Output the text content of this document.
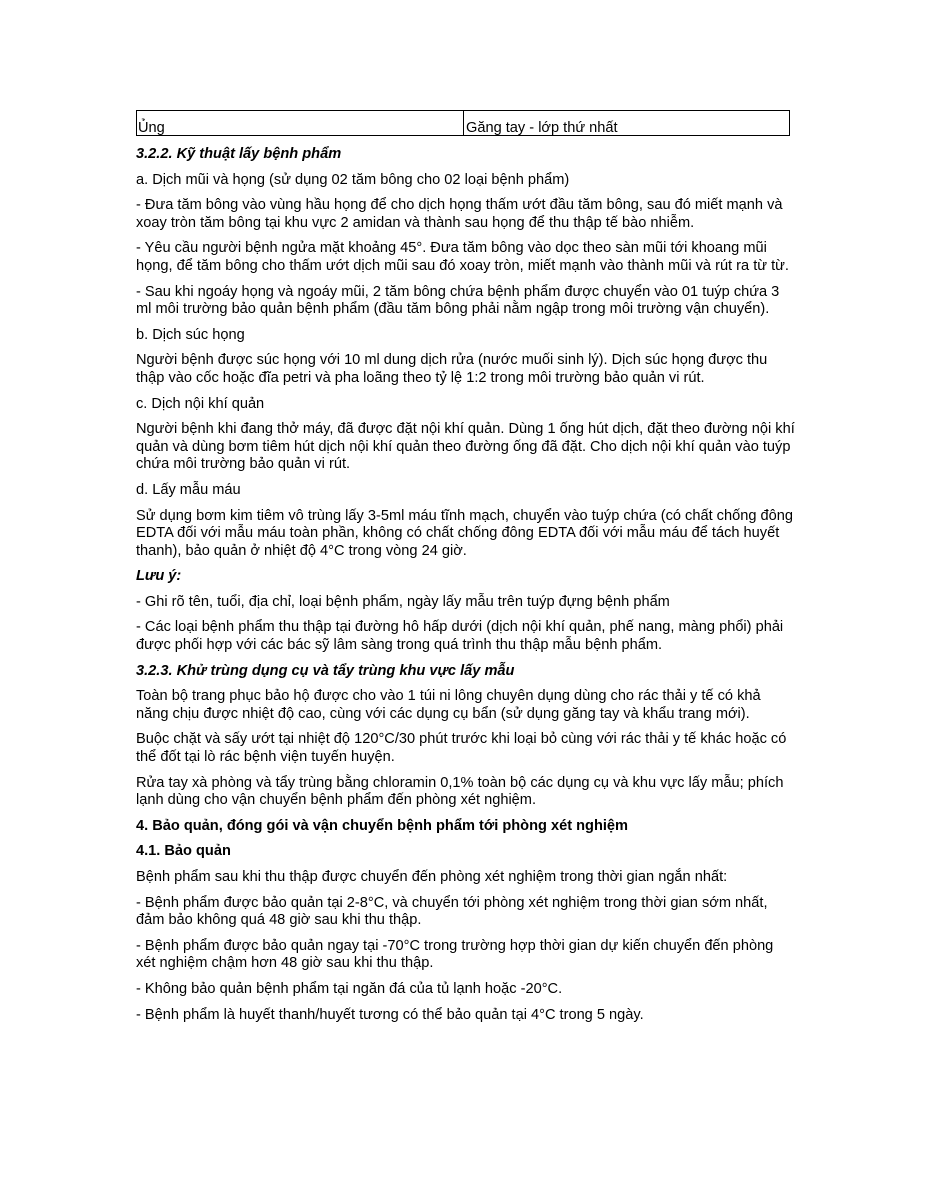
Ủng	Găng tay - lớp thứ nhất

3.2.2. Kỹ thuật lấy bệnh phẩm

a. Dịch mũi và họng (sử dụng 02 tăm bông cho 02 loại bệnh phẩm)

- Đưa tăm bông vào vùng hầu họng để cho dịch họng thấm ướt đầu tăm bông, sau đó miết mạnh và xoay tròn tăm bông tại khu vực 2 amidan và thành sau họng để thu thập tế bào nhiễm.

- Yêu cầu người bệnh ngửa mặt khoảng 45°. Đưa tăm bông vào dọc theo sàn mũi tới khoang mũi họng, để tăm bông cho thấm ướt dịch mũi sau đó xoay tròn, miết mạnh vào thành mũi và rút ra từ từ.

- Sau khi ngoáy họng và ngoáy mũi, 2 tăm bông chứa bệnh phẩm được chuyển vào 01 tuýp chứa 3 ml môi trường bảo quản bệnh phẩm (đầu tăm bông phải nằm ngập trong môi trường vận chuyển).

b. Dịch súc họng

Người bệnh được súc họng với 10 ml dung dịch rửa (nước muối sinh lý). Dịch súc họng được thu thập vào cốc hoặc đĩa petri và pha loãng theo tỷ lệ 1:2 trong môi trường bảo quản vi rút.

c. Dịch nội khí quản

Người bệnh khi đang thở máy, đã được đặt nội khí quản. Dùng 1 ống hút dịch, đặt theo đường nội khí quản và dùng bơm tiêm hút dịch nội khí quản theo đường ống đã đặt. Cho dịch nội khí quản vào tuýp chứa môi trường bảo quản vi rút.

d. Lấy mẫu máu

Sử dụng bơm kim tiêm vô trùng lấy 3-5ml máu tĩnh mạch, chuyển vào tuýp chứa (có chất chống đông EDTA đối với mẫu máu toàn phần, không có chất chống đông EDTA đối với mẫu máu để tách huyết thanh), bảo quản ở nhiệt độ 4°C trong vòng 24 giờ.

Lưu ý:

- Ghi rõ tên, tuổi, địa chỉ, loại bệnh phẩm, ngày lấy mẫu trên tuýp đựng bệnh phẩm

- Các loại bệnh phẩm thu thập tại đường hô hấp dưới (dịch nội khí quản, phế nang, màng phổi) phải được phối hợp với các bác sỹ lâm sàng trong quá trình thu thập mẫu bệnh phẩm.

3.2.3. Khử trùng dụng cụ và tẩy trùng khu vực lấy mẫu

Toàn bộ trang phục bảo hộ được cho vào 1 túi ni lông chuyên dụng dùng cho rác thải y tế có khả năng chịu được nhiệt độ cao, cùng với các dụng cụ bẩn (sử dụng găng tay và khẩu trang mới).

Buộc chặt và sấy ướt tại nhiệt độ 120°C/30 phút trước khi loại bỏ cùng với rác thải y tế khác hoặc có thể đốt tại lò rác bệnh viện tuyến huyện.

Rửa tay xà phòng và tẩy trùng bằng chloramin 0,1% toàn bộ các dụng cụ và khu vực lấy mẫu; phích lạnh dùng cho vận chuyển bệnh phẩm đến phòng xét nghiệm.

4. Bảo quản, đóng gói và vận chuyển bệnh phẩm tới phòng xét nghiệm

4.1. Bảo quản

Bệnh phẩm sau khi thu thập được chuyển đến phòng xét nghiệm trong thời gian ngắn nhất:

- Bệnh phẩm được bảo quản tại 2-8°C, và chuyển tới phòng xét nghiệm trong thời gian sớm nhất, đảm bảo không quá 48 giờ sau khi thu thập.

- Bệnh phẩm được bảo quản ngay tại -70°C trong trường hợp thời gian dự kiến chuyển đến phòng xét nghiệm chậm hơn 48 giờ sau khi thu thập.

- Không bảo quản bệnh phẩm tại ngăn đá của tủ lạnh hoặc -20°C.

- Bệnh phẩm là huyết thanh/huyết tương có thể bảo quản tại 4°C trong 5 ngày.
